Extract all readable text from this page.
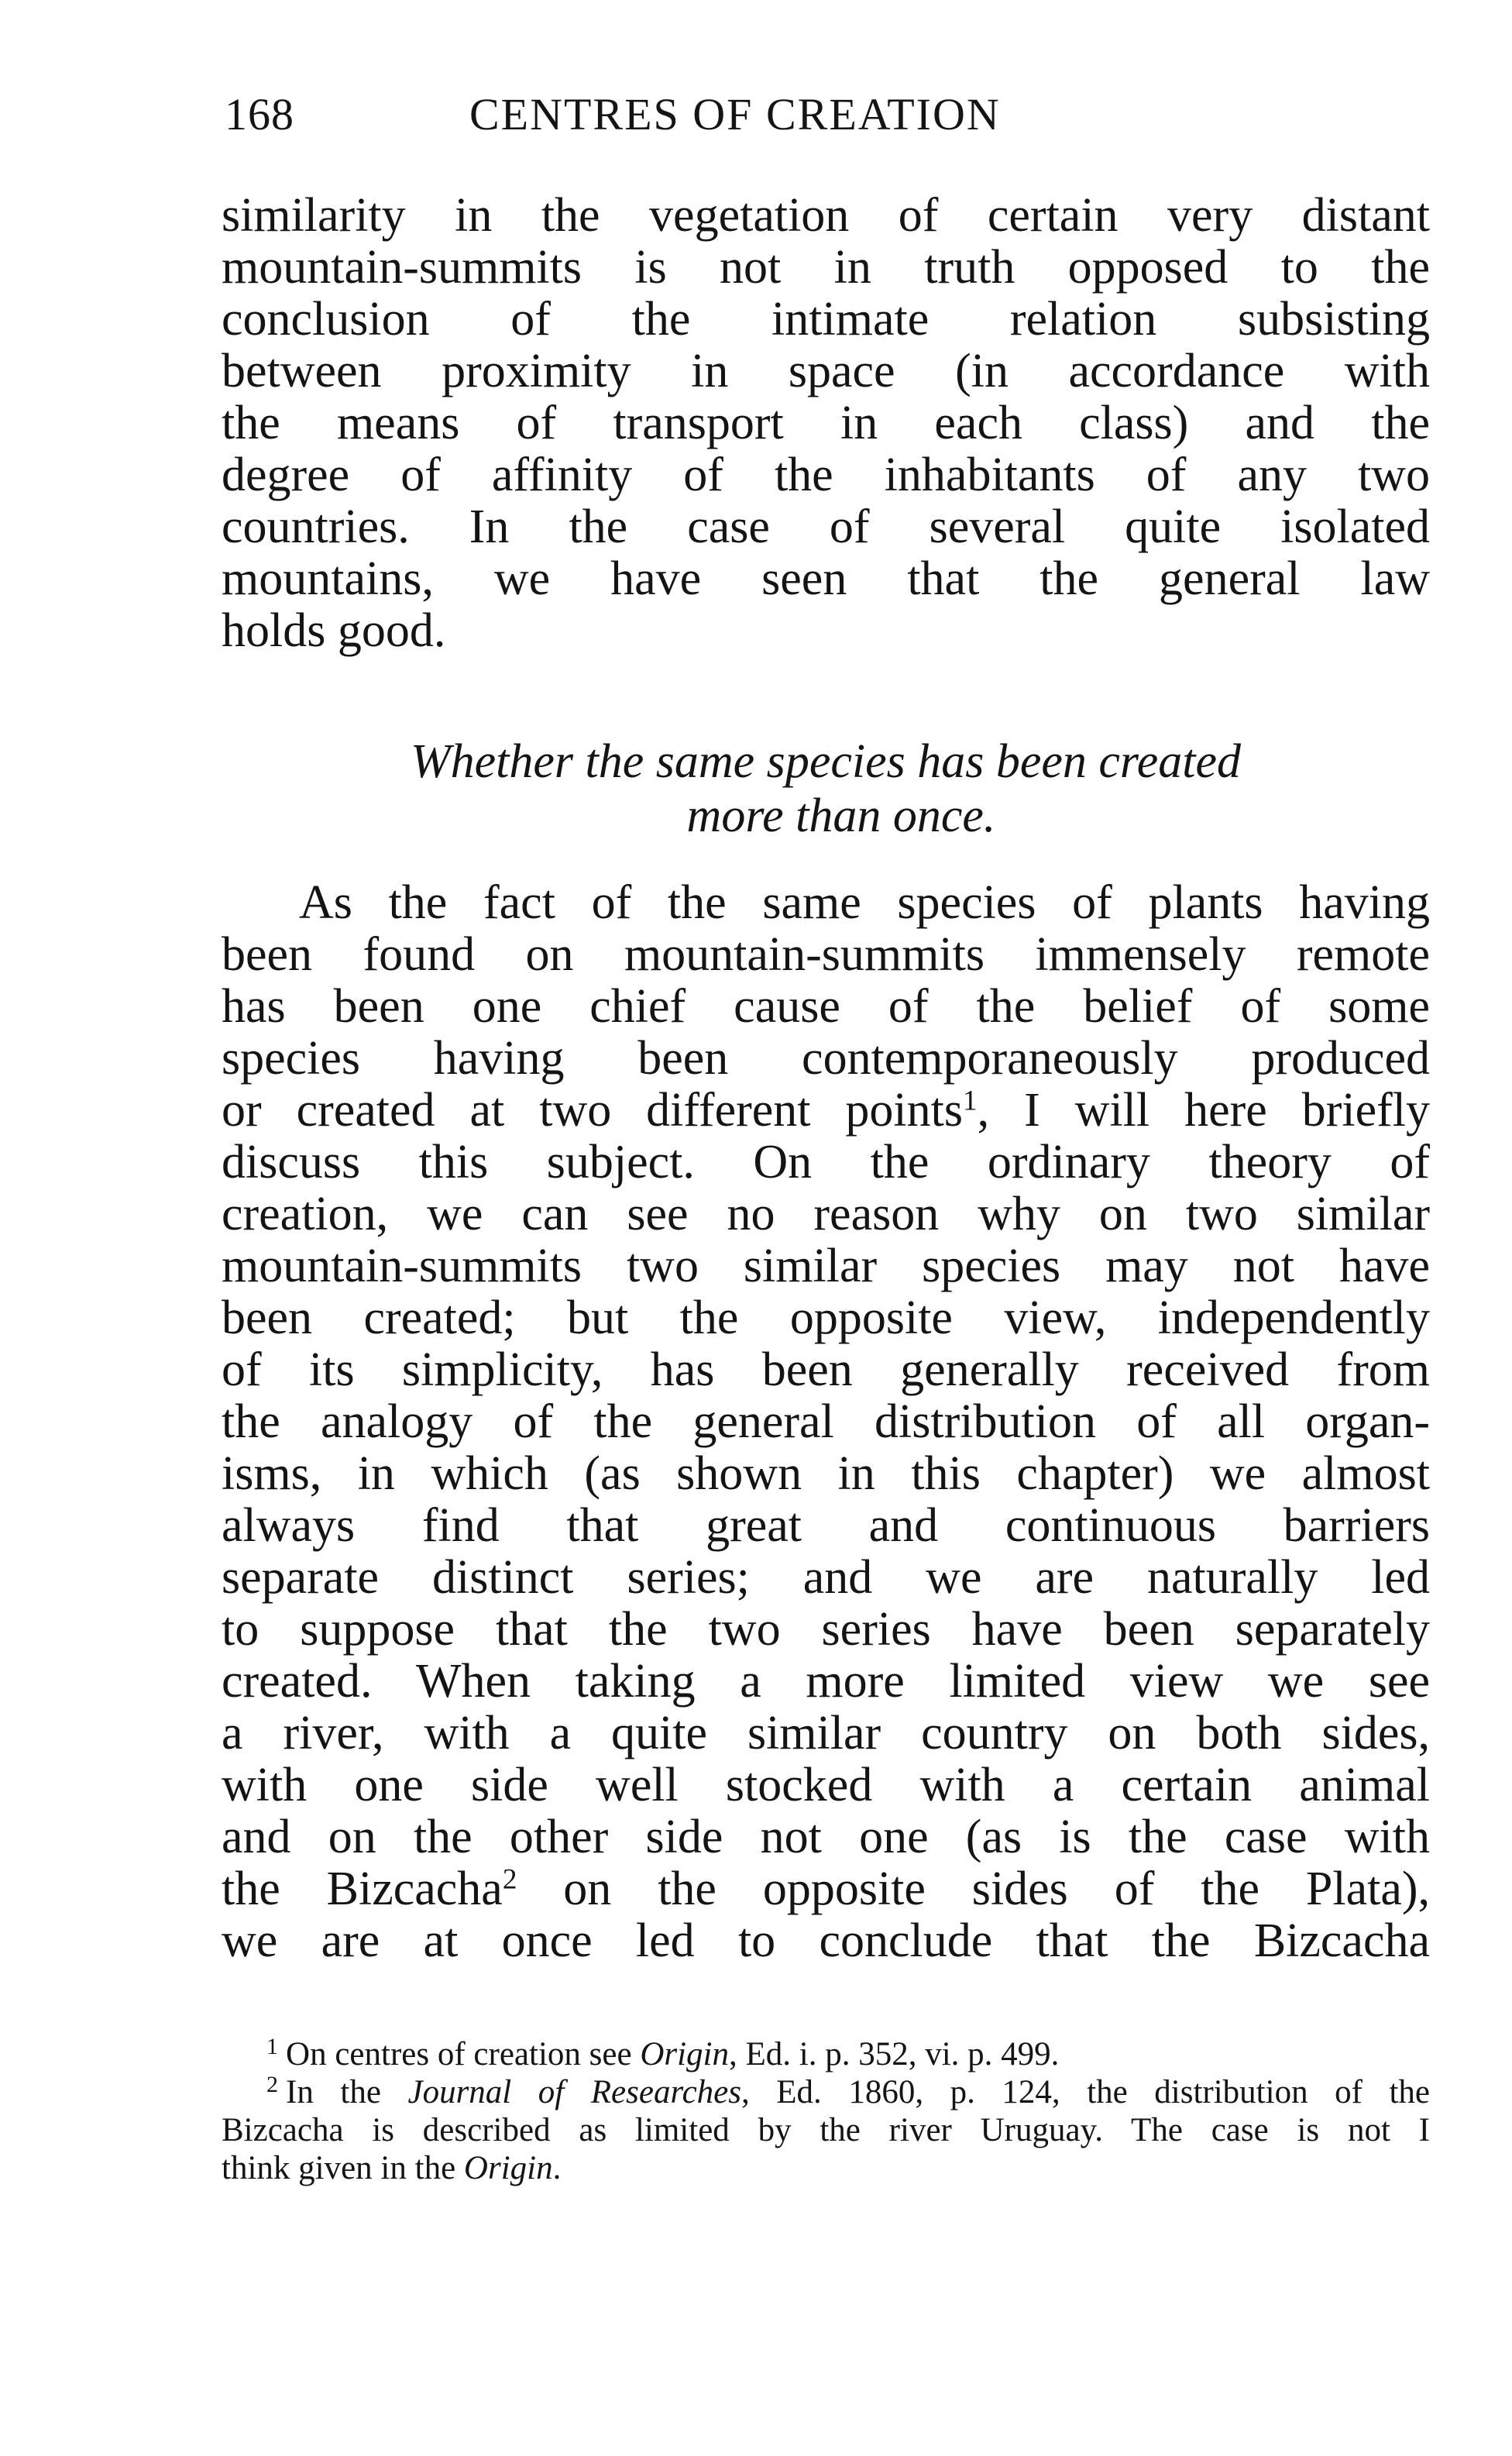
168	CENTRES OF CREATION
similarity in the vegetation of certain very distant
mountain-summits is not in truth opposed to the
conclusion of the intimate relation subsisting
between proximity in space (in accordance with
the means of transport in each class) and the
degree of affinity of the inhabitants of any two
countries. In the case of several quite isolated
mountains, we have seen that the general law
holds good.
Whether the same species has been created
more than once.
As the fact of the same species of plants having
been found on mountain-summits immensely remote
has been one chief cause of the belief of some
species having been contemporaneously produced
or created at two different points$^1$, I will here briefly
discuss this subject. On the ordinary theory of
creation, we can see no reason why on two similar
mountain-summits two similar species may not have
been created; but the opposite view, independently
of its simplicity, has been generally received from
the analogy of the general distribution of all organ-
isms, in which (as shown in this chapter) we almost
always find that great and continuous barriers
separate distinct series; and we are naturally led
to suppose that the two series have been separately
created. When taking a more limited view we see
a river, with a quite similar country on both sides,
with one side well stocked with a certain animal
and on the other side not one (as is the case with
the Bizcacha$^2$ on the opposite sides of the Plata),
we are at once led to conclude that the Bizcacha
$^1$ On centres of creation see Origin, Ed. i. p. 352, vi. p. 499.
$^2$ In the Journal of Researches, Ed. 1860, p. 124, the distribution of the
Bizcacha is described as limited by the river Uruguay. The case is not I
think given in the Origin.
